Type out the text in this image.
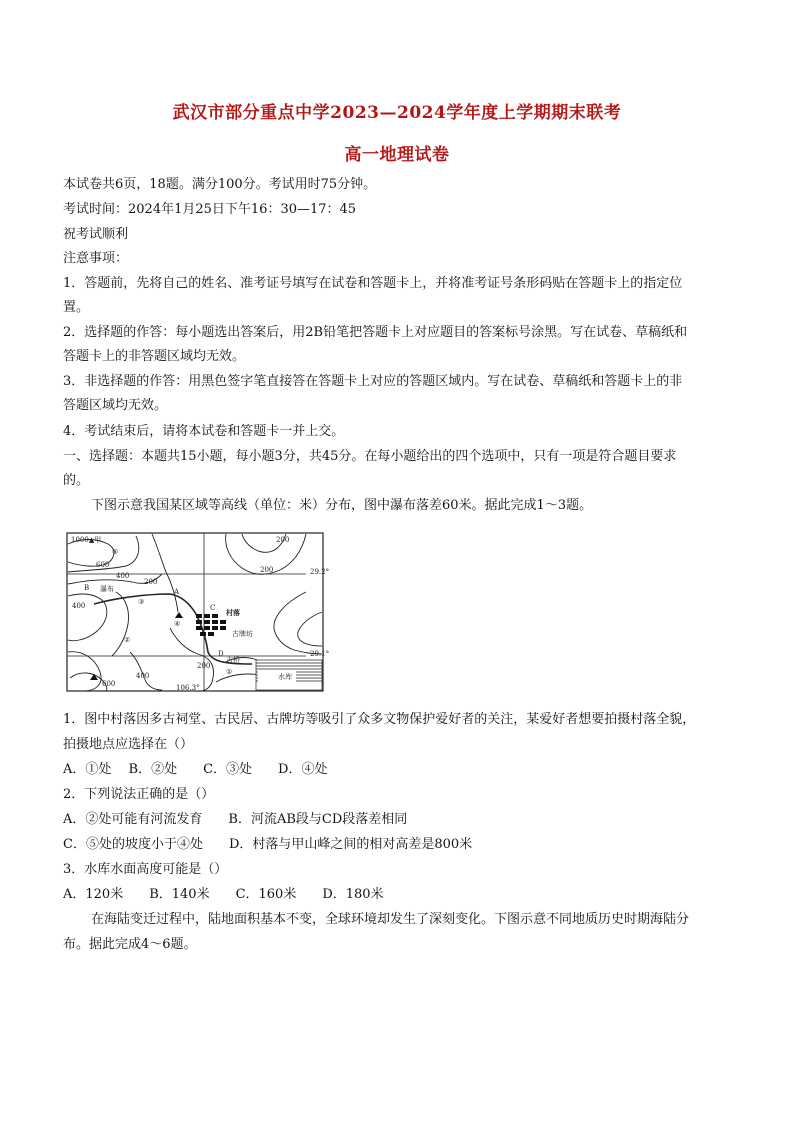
武汉市部分重点中学2023—2024学年度上学期期末联考
高一地理试卷
本试卷共6页，18题。满分100分。考试用时75分钟。
考试时间：2024年1月25日下午16：30—17：45
祝考试顺利
注意事项：
1．答题前，先将自己的姓名、准考证号填写在试卷和答题卡上，并将准考证号条形码贴在答题卡上的指定位
置。
2．选择题的作答：每小题选出答案后，用2B铅笔把答题卡上对应题目的答案标号涂黑。写在试卷、草稿纸和
答题卡上的非答题区域均无效。
3．非选择题的作答：用黑色签字笔直接答在答题卡上对应的答题区域内。写在试卷、草稿纸和答题卡上的非
答题区域均无效。
4．考试结束后，请将本试卷和答题卡一并上交。
一、选择题：本题共15小题，每小题3分，共45分。在每小题给出的四个选项中，只有一项是符合题目要求
的。
下图示意我国某区域等高线（单位：米）分布，图中瀑布落差60米。据此完成1～3题。
1000▲甲
600
400
200
200
200
400
600
400
200
29.2°
29.1°
106.3°
瀑布
村落
古牌坊
古桥
水库
A
B
C
D
①
②
③
④
⑤
1．图中村落因多古祠堂、古民居、古牌坊等吸引了众多文物保护爱好者的关注，某爱好者想要拍摄村落全貌，
拍摄地点应选择在（）
A．①处　 B．②处　　C．③处　　D．④处
2．下列说法正确的是（）
A．②处可能有河流发育　　B．河流AB段与CD段落差相同
C．⑤处的坡度小于④处　　D．村落与甲山峰之间的相对高差是800米
3．水库水面高度可能是（）
A．120米　　B．140米　　C．160米　　D．180米
在海陆变迁过程中，陆地面积基本不变，全球环境却发生了深刻变化。下图示意不同地质历史时期海陆分
布。据此完成4～6题。
